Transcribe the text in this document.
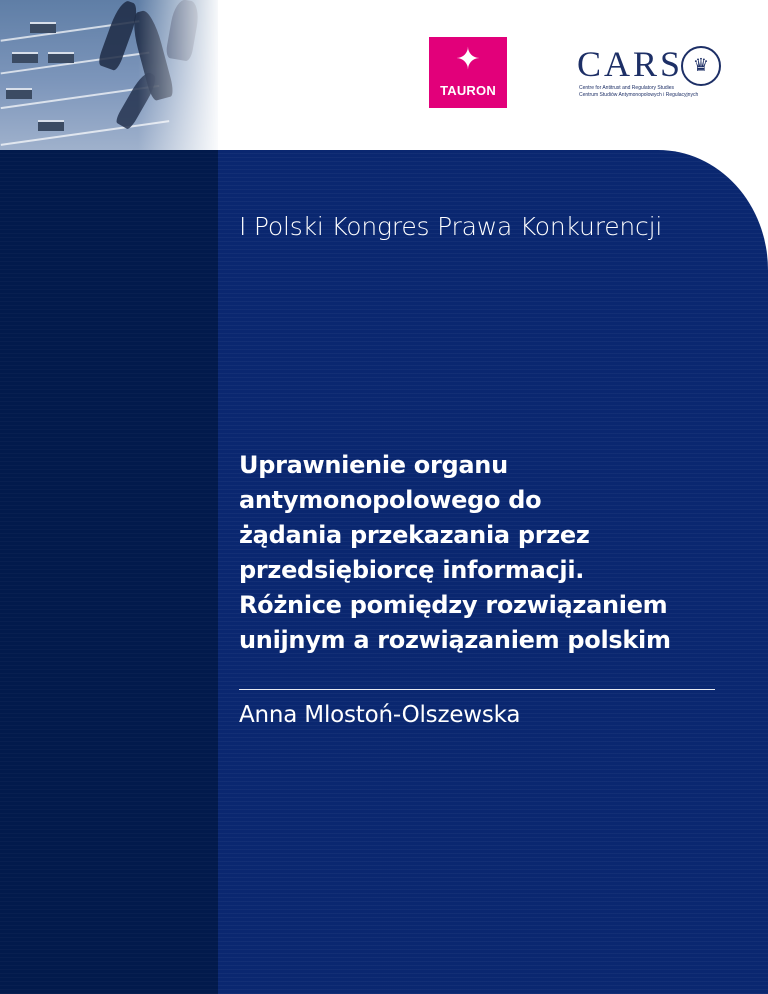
✦
TAURON
CARS ♛
Centre for Antitrust and Regulatory Studies
Centrum Studiów Antymonopolowych i Regulacyjnych
I Polski Kongres Prawa Konkurencji
Uprawnienie organu
antymonopolowego do
żądania przekazania przez
przedsiębiorcę informacji.
Różnice pomiędzy rozwiązaniem
unijnym a rozwiązaniem polskim
Anna Mlostoń-Olszewska
